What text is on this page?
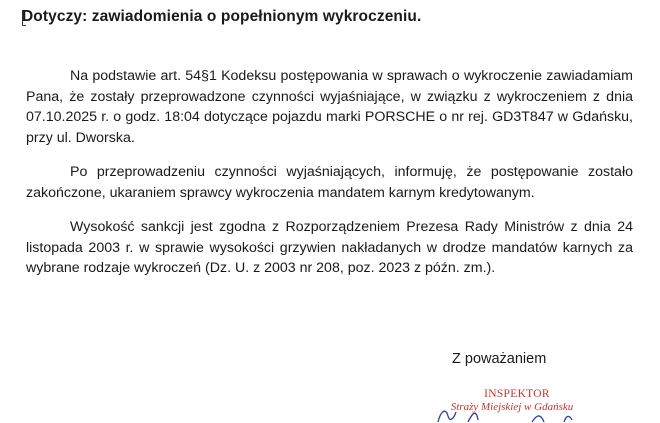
Dotyczy: zawiadomienia o popełnionym wykroczeniu.

Na podstawie art. 54§1 Kodeksu postępowania w sprawach o wykroczenie zawiadamiam Pana, że zostały przeprowadzone czynności wyjaśniające, w związku z wykroczeniem z dnia 07.10.2025 r. o godz. 18:04 dotyczące pojazdu marki PORSCHE o nr rej. GD3T847 w Gdańsku, przy ul. Dworska.

Po przeprowadzeniu czynności wyjaśniających, informuję, że postępowanie zostało zakończone, ukaraniem sprawcy wykroczenia mandatem karnym kredytowanym.

Wysokość sankcji jest zgodna z Rozporządzeniem Prezesa Rady Ministrów z dnia 24 listopada 2003 r. w sprawie wysokości grzywien nakładanych w drodze mandatów karnych za wybrane rodzaje wykroczeń (Dz. U. z 2003 nr 208, poz. 2023 z późn. zm.).

Z poważaniem
INSPEKTOR
Straży Miejskiej w Gdańsku
